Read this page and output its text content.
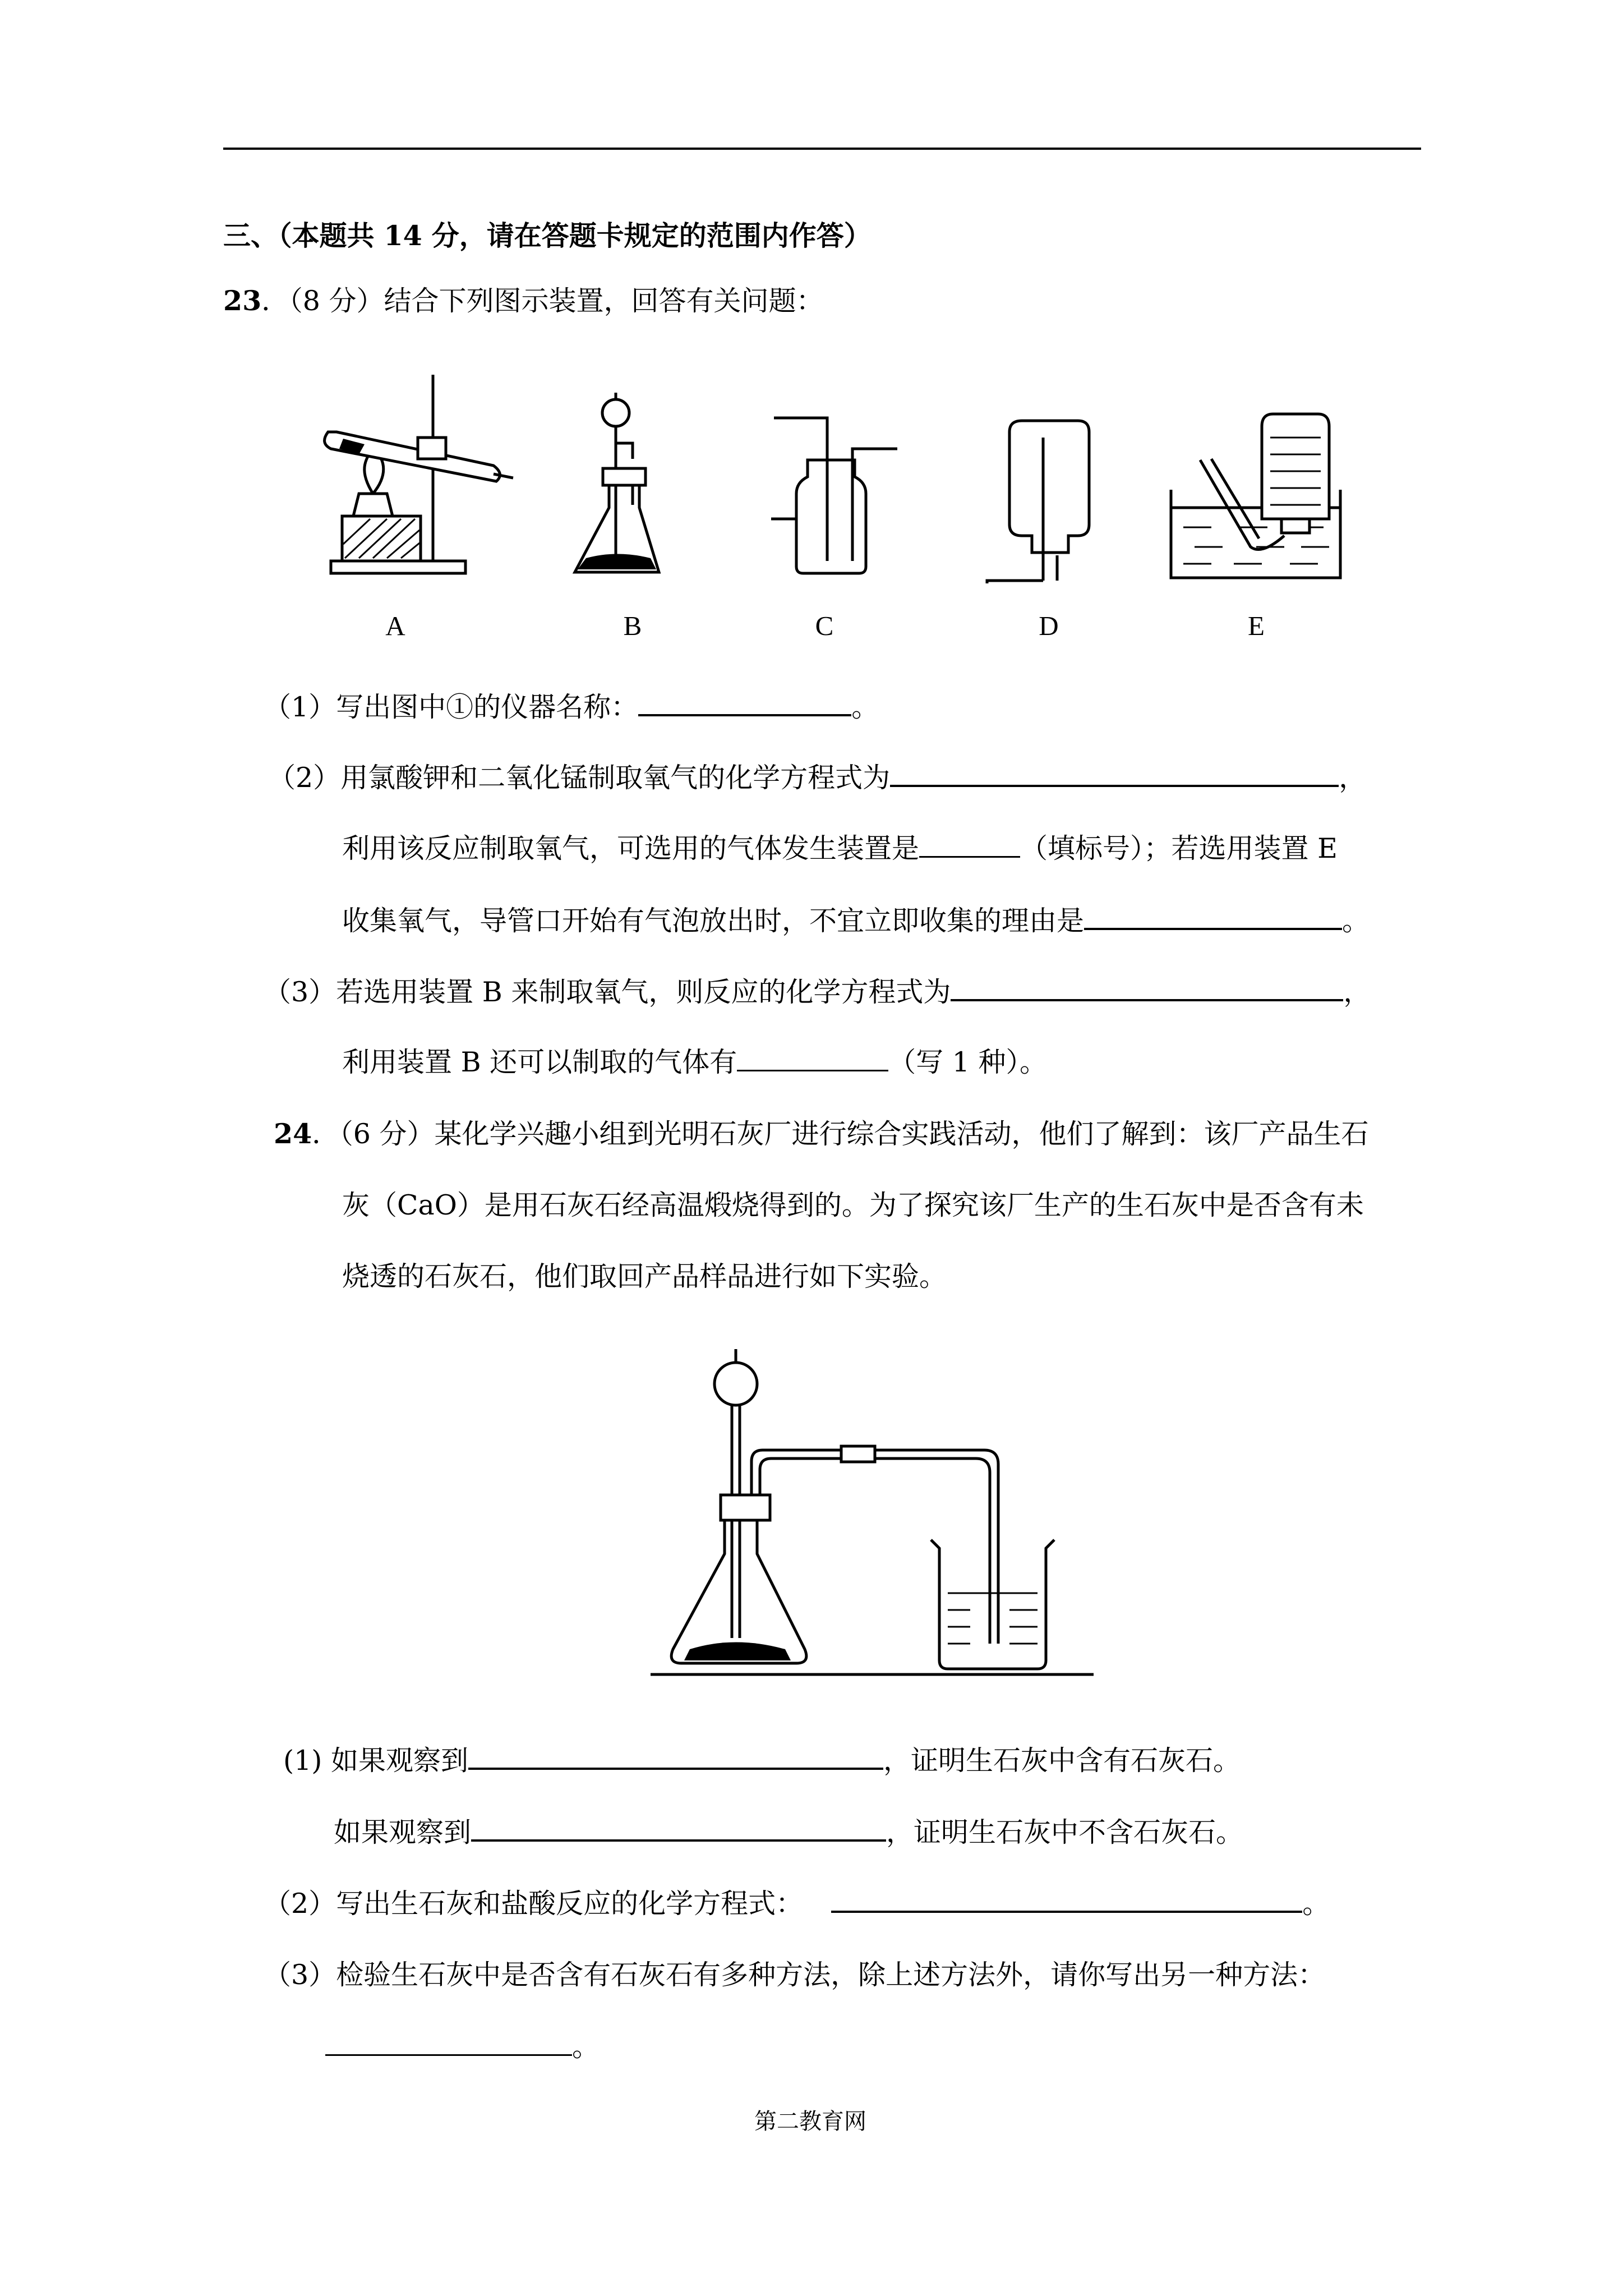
三、（本题共 14 分，请在答题卡规定的范围内作答）
23．（8 分）结合下列图示装置，回答有关问题：
A	B	C	D	E
（1）写出图中①的仪器名称：	。
（2）用氯酸钾和二氧化锰制取氧气的化学方程式为	，
利用该反应制取氧气，可选用的气体发生装置是	（填标号）；若选用装置 E
收集氧气，导管口开始有气泡放出时，不宜立即收集的理由是	。
（3）若选用装置 B 来制取氧气，则反应的化学方程式为	，
利用装置 B 还可以制取的气体有	（写 1 种）。
24．（6 分）某化学兴趣小组到光明石灰厂进行综合实践活动，他们了解到：该厂产品生石
灰（CaO）是用石灰石经高温煅烧得到的。为了探究该厂生产的生石灰中是否含有未
烧透的石灰石，他们取回产品样品进行如下实验。
(1) 如果观察到	，证明生石灰中含有石灰石。
如果观察到	，证明生石灰中不含石灰石。
（2）写出生石灰和盐酸反应的化学方程式：	。
（3）检验生石灰中是否含有石灰石有多种方法，除上述方法外，请你写出另一种方法：
。
第二教育网
